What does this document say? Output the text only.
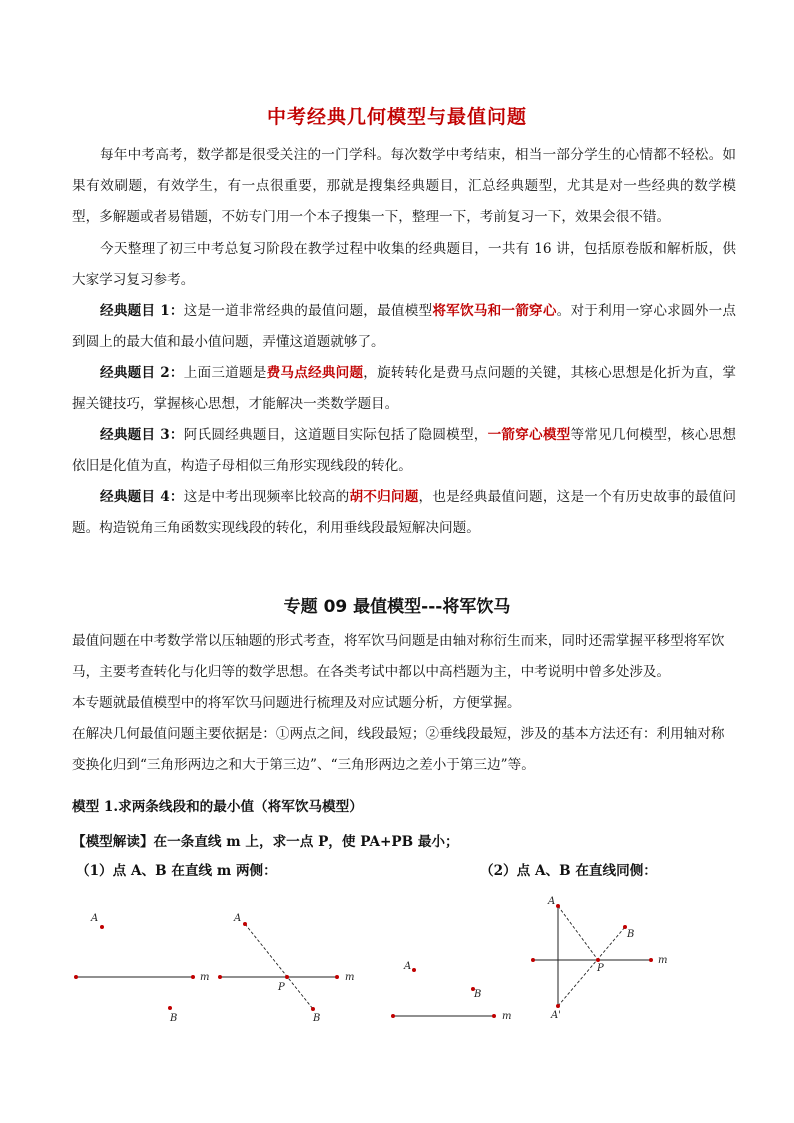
中考经典几何模型与最值问题
每年中考高考，数学都是很受关注的一门学科。每次数学中考结束，相当一部分学生的心情都不轻松。如果有效刷题，有效学生，有一点很重要，那就是搜集经典题目，汇总经典题型，尤其是对一些经典的数学模型，多解题或者易错题，不妨专门用一个本子搜集一下，整理一下，考前复习一下，效果会很不错。
今天整理了初三中考总复习阶段在教学过程中收集的经典题目，一共有 16 讲，包括原卷版和解析版，供大家学习复习参考。
经典题目 1：这是一道非常经典的最值问题，最值模型将军饮马和一箭穿心。对于利用一穿心求圆外一点到圆上的最大值和最小值问题，弄懂这道题就够了。
经典题目 2：上面三道题是费马点经典问题，旋转转化是费马点问题的关键，其核心思想是化折为直，掌握关键技巧，掌握核心思想，才能解决一类数学题目。
经典题目 3：阿氏圆经典题目，这道题目实际包括了隐圆模型，一箭穿心模型等常见几何模型，核心思想依旧是化值为直，构造子母相似三角形实现线段的转化。
经典题目 4：这是中考出现频率比较高的胡不归问题，也是经典最值问题，这是一个有历史故事的最值问题。构造锐角三角函数实现线段的转化，利用垂线段最短解决问题。
专题 09 最值模型---将军饮马
最值问题在中考数学常以压轴题的形式考查，将军饮马问题是由轴对称衍生而来，同时还需掌握平移型将军饮马，主要考查转化与化归等的数学思想。在各类考试中都以中高档题为主，中考说明中曾多处涉及。
本专题就最值模型中的将军饮马问题进行梳理及对应试题分析，方便掌握。
在解决几何最值问题主要依据是：①两点之间，线段最短；②垂线段最短，涉及的基本方法还有：利用轴对称变换化归到“三角形两边之和大于第三边”、“三角形两边之差小于第三边”等。
模型 1.求两条线段和的最小值（将军饮马模型）
【模型解读】在一条直线 m 上，求一点 P，使 PA+PB 最小；
（1）点 A、B 在直线 m 两侧：	（2）点 A、B 在直线同侧：
A
B
m
A
B
P
m
A
B
m
A
B
P
m
A'
